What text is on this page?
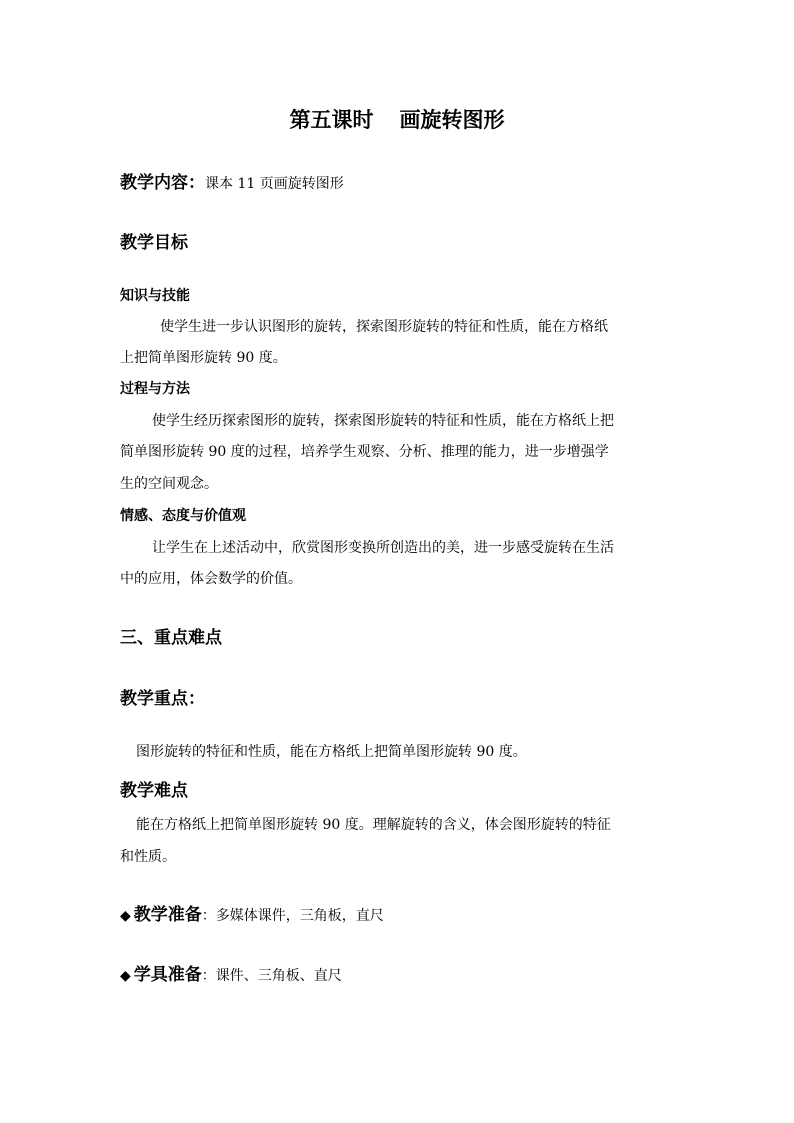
第五课时 画旋转图形
教学内容：课本 11 页画旋转图形
教学目标
知识与技能
使学生进一步认识图形的旋转，探索图形旋转的特征和性质，能在方格纸
上把简单图形旋转 90 度。
过程与方法
使学生经历探索图形的旋转，探索图形旋转的特征和性质，能在方格纸上把
简单图形旋转 90 度的过程，培养学生观察、分析、推理的能力，进一步增强学
生的空间观念。
情感、态度与价值观
让学生在上述活动中，欣赏图形变换所创造出的美，进一步感受旋转在生活
中的应用，体会数学的价值。
三、重点难点
教学重点：
图形旋转的特征和性质，能在方格纸上把简单图形旋转 90 度。
教学难点
能在方格纸上把简单图形旋转 90 度。理解旋转的含义，体会图形旋转的特征
和性质。
◆ 教学准备：多媒体课件，三角板，直尺
◆ 学具准备：课件、三角板、直尺
